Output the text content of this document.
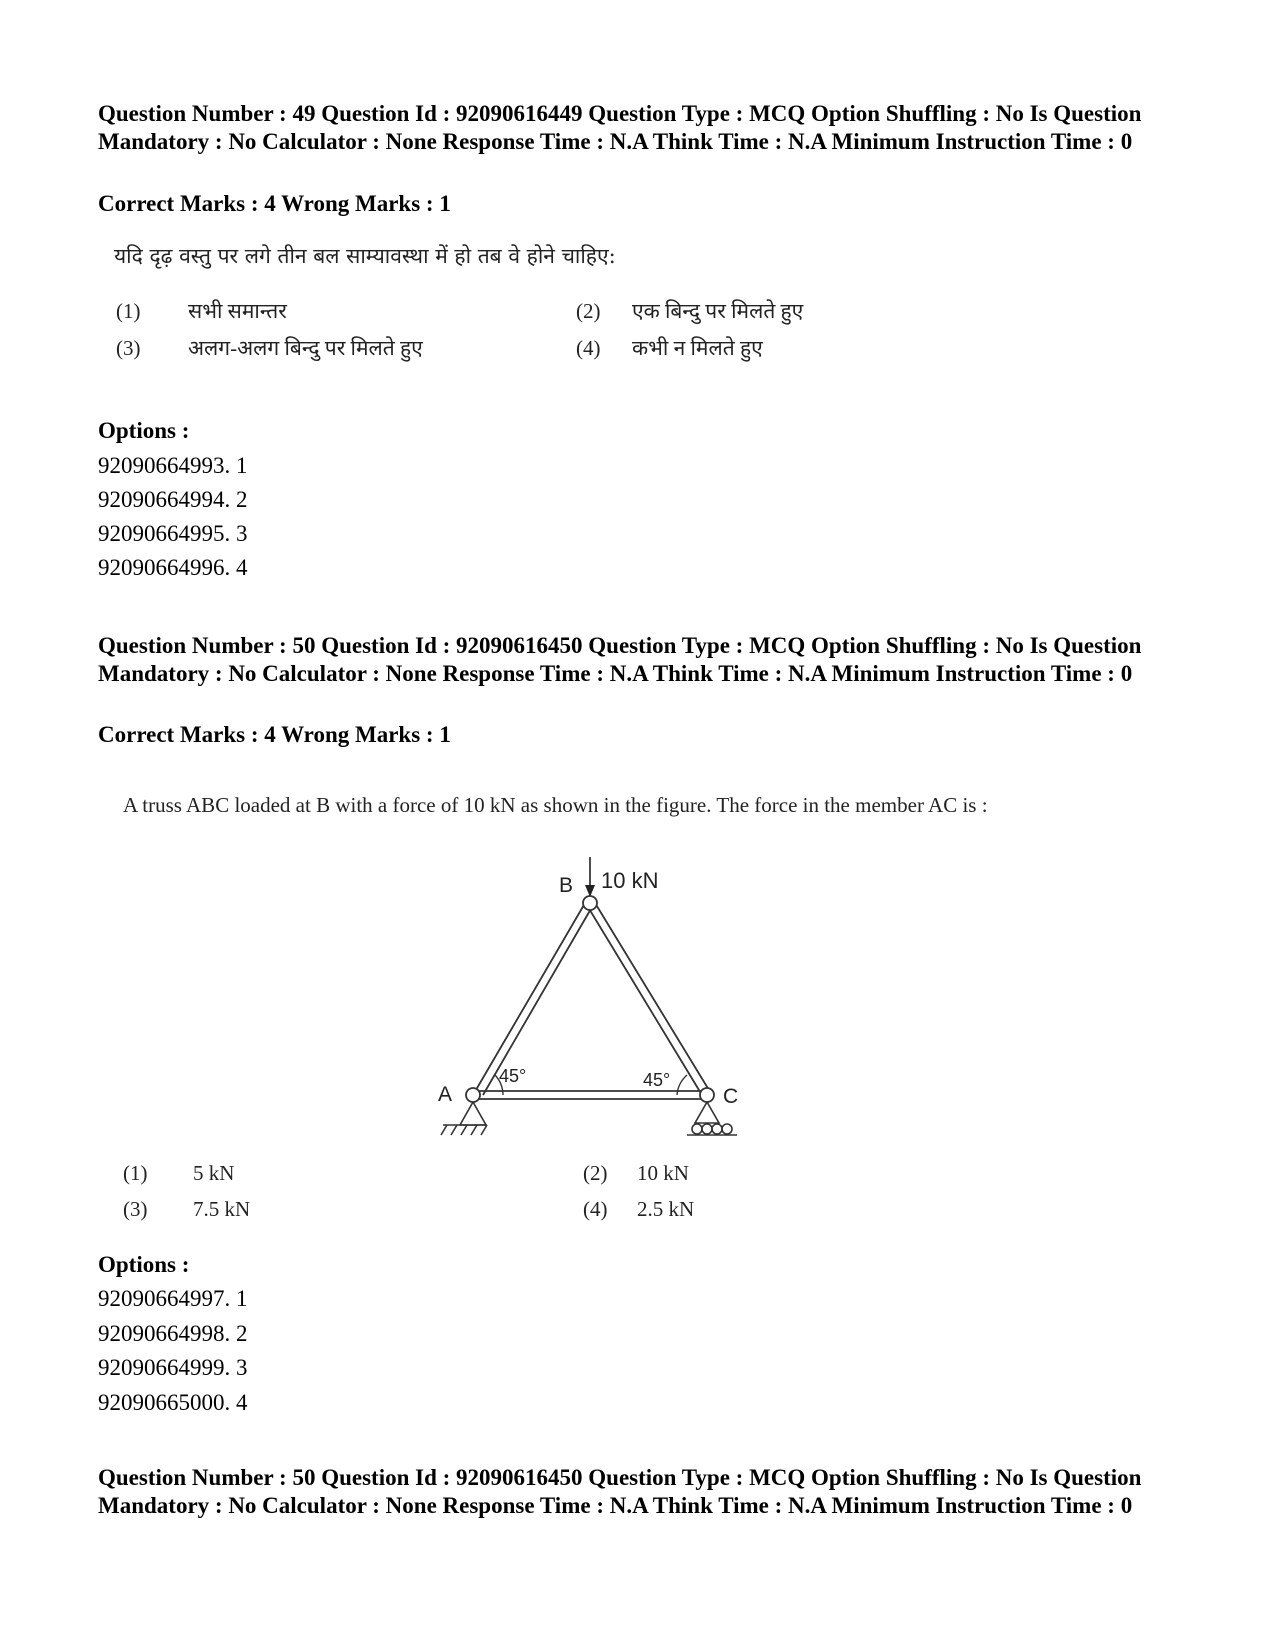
Question Number : 49 Question Id : 92090616449 Question Type : MCQ Option Shuffling : No Is Question Mandatory : No Calculator : None Response Time : N.A Think Time : N.A Minimum Instruction Time : 0
Correct Marks : 4 Wrong Marks : 1
यदि दृढ़ वस्तु पर लगे तीन बल साम्यावस्था में हो तब वे होने चाहिए:
(1) सभी समान्तर	(2) एक बिन्दु पर मिलते हुए
(3) अलग-अलग बिन्दु पर मिलते हुए	(4) कभी न मिलते हुए
Options :
92090664993. 1
92090664994. 2
92090664995. 3
92090664996. 4
Question Number : 50 Question Id : 92090616450 Question Type : MCQ Option Shuffling : No Is Question Mandatory : No Calculator : None Response Time : N.A Think Time : N.A Minimum Instruction Time : 0
Correct Marks : 4 Wrong Marks : 1
A truss ABC loaded at B with a force of 10 kN as shown in the figure. The force in the member AC is :
10 kN
B
A	C
45°	45°
(1) 5 kN	(2) 10 kN
(3) 7.5 kN	(4) 2.5 kN
Options :
92090664997. 1
92090664998. 2
92090664999. 3
92090665000. 4
Question Number : 50 Question Id : 92090616450 Question Type : MCQ Option Shuffling : No Is Question Mandatory : No Calculator : None Response Time : N.A Think Time : N.A Minimum Instruction Time : 0
